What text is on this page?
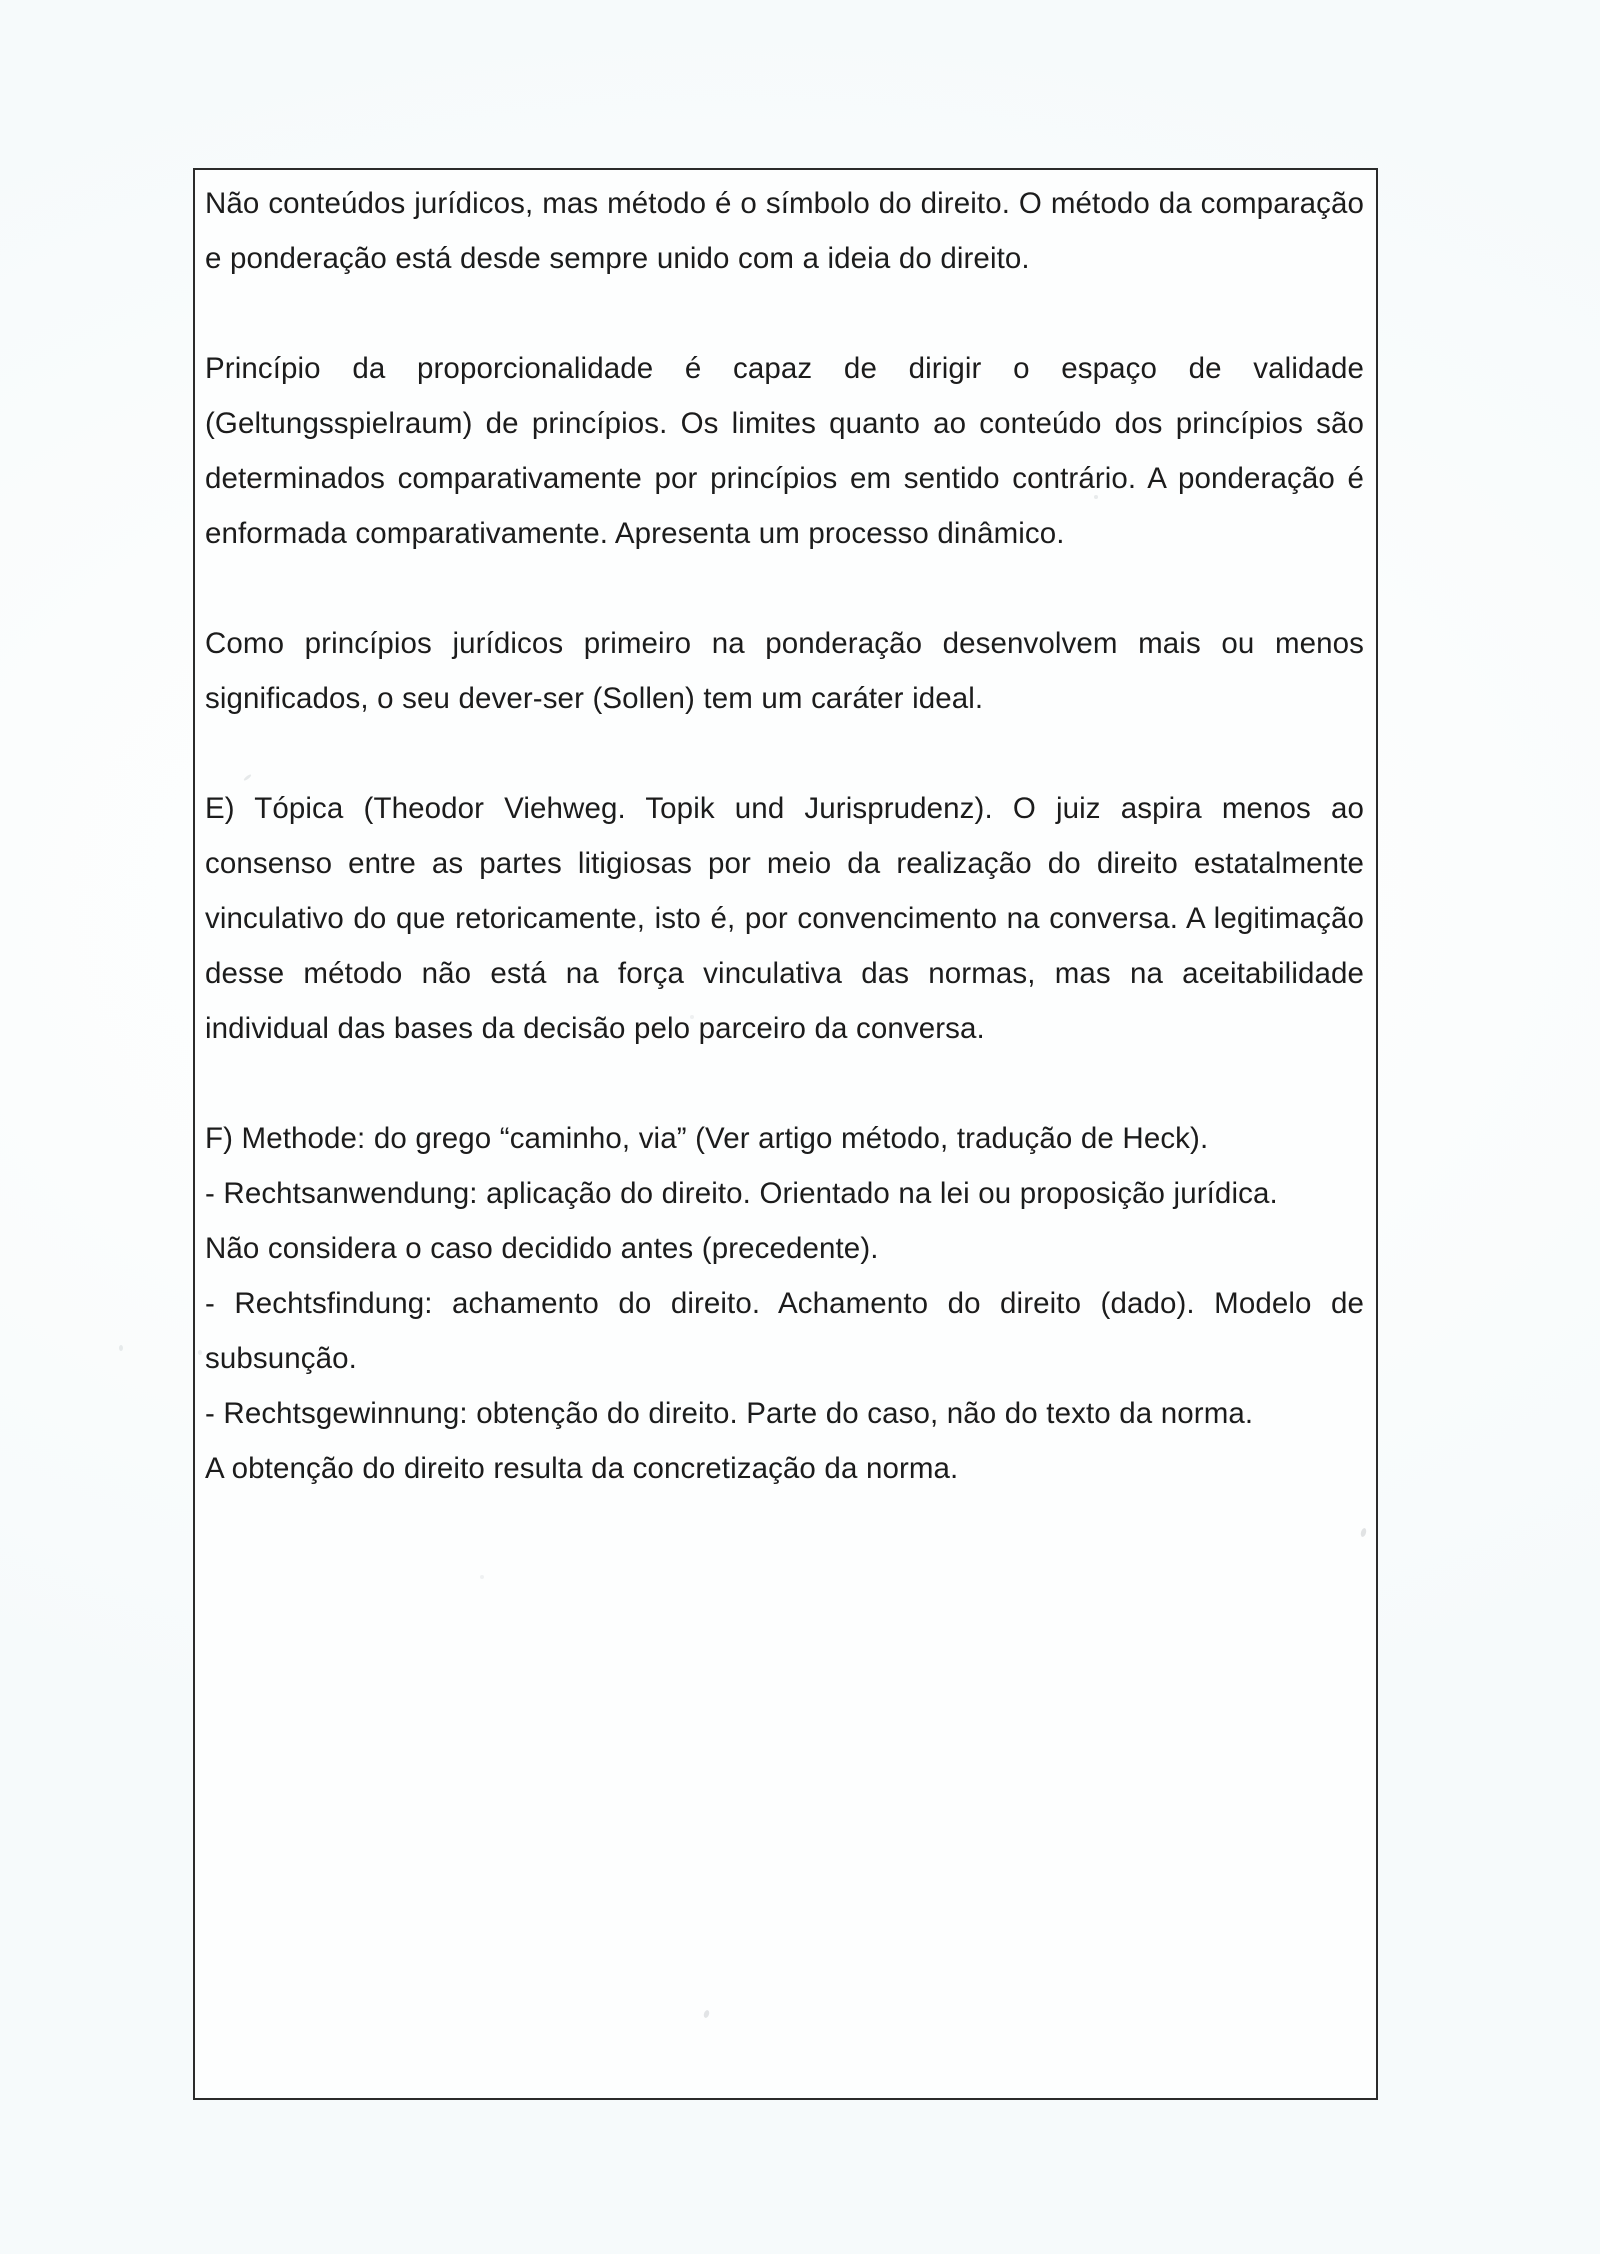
Não conteúdos jurídicos, mas método é o símbolo do direito. O método da comparação e ponderação está desde sempre unido com a ideia do direito.

Princípio da proporcionalidade é capaz de dirigir o espaço de validade (Geltungsspielraum) de princípios. Os limites quanto ao conteúdo dos princípios são determinados comparativamente por princípios em sentido contrário. A ponderação é enformada comparativamente. Apresenta um processo dinâmico.

Como princípios jurídicos primeiro na ponderação desenvolvem mais ou menos significados, o seu dever-ser (Sollen) tem um caráter ideal.

E) Tópica (Theodor Viehweg. Topik und Jurisprudenz). O juiz aspira menos ao consenso entre as partes litigiosas por meio da realização do direito estatalmente vinculativo do que retoricamente, isto é, por convencimento na conversa. A legitimação desse método não está na força vinculativa das normas, mas na aceitabilidade individual das bases da decisão pelo parceiro da conversa.

F) Methode: do grego “caminho, via” (Ver artigo método, tradução de Heck).
- Rechtsanwendung: aplicação do direito. Orientado na lei ou proposição jurídica.
Não considera o caso decidido antes (precedente).
- Rechtsfindung: achamento do direito. Achamento do direito (dado). Modelo de subsunção.
- Rechtsgewinnung: obtenção do direito. Parte do caso, não do texto da norma.
A obtenção do direito resulta da concretização da norma.
